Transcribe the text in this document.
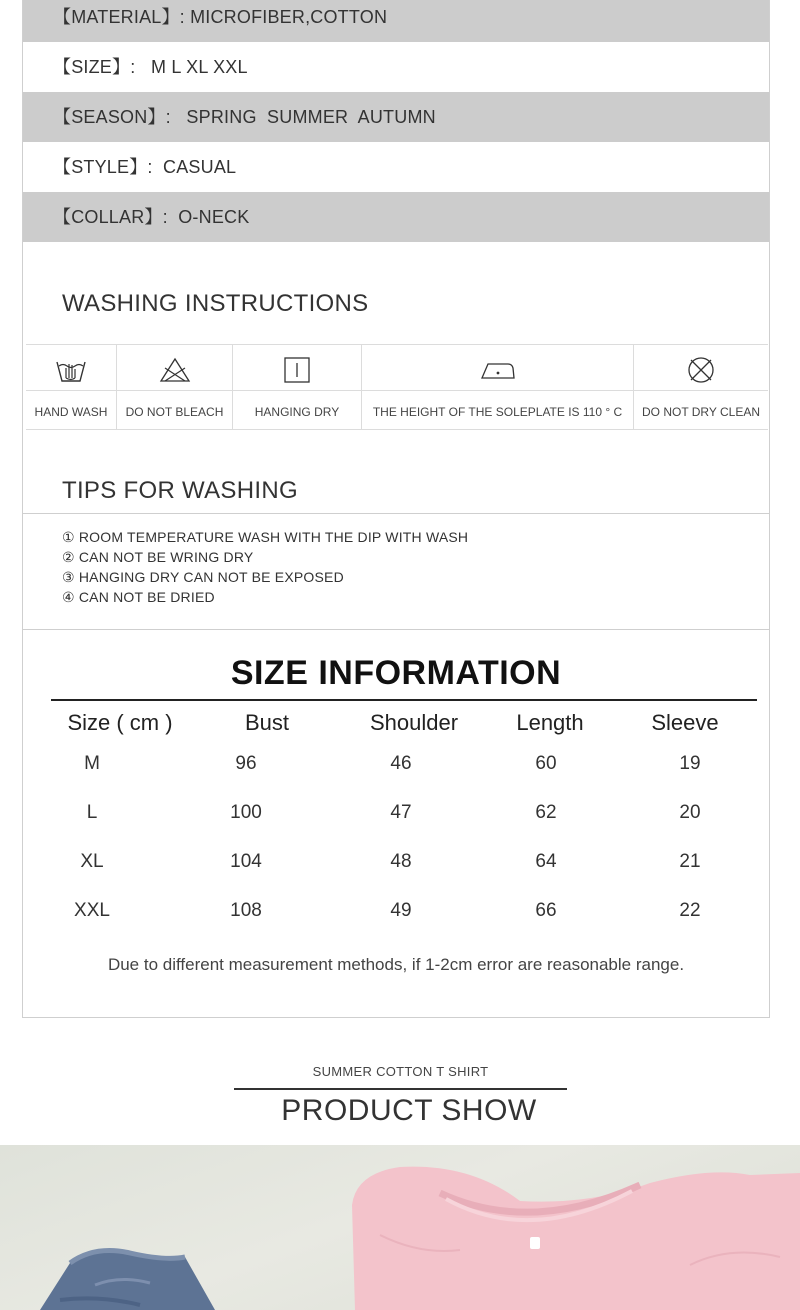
【MATERIAL】: MICROFIBER,COTTON
【SIZE】:   M L XL XXL
【SEASON】:   SPRING  SUMMER  AUTUMN
【STYLE】:  CASUAL
【COLLAR】:  O-NECK
WASHING INSTRUCTIONS
HAND WASH	DO NOT BLEACH	HANGING DRY	THE HEIGHT OF THE SOLEPLATE IS 110 ° C	DO NOT DRY CLEAN
TIPS FOR WASHING
① ROOM TEMPERATURE WASH WITH THE DIP WITH WASH
② CAN NOT BE WRING DRY
③ HANGING DRY CAN NOT BE EXPOSED
④ CAN NOT BE DRIED
SIZE INFORMATION
Size ( cm )	Bust	Shoulder	Length	Sleeve
M	96	46	60	19
L	100	47	62	20
XL	104	48	64	21
XXL	108	49	66	22
Due to different measurement methods, if 1-2cm error are reasonable range.
SUMMER COTTON T SHIRT
PRODUCT SHOW
